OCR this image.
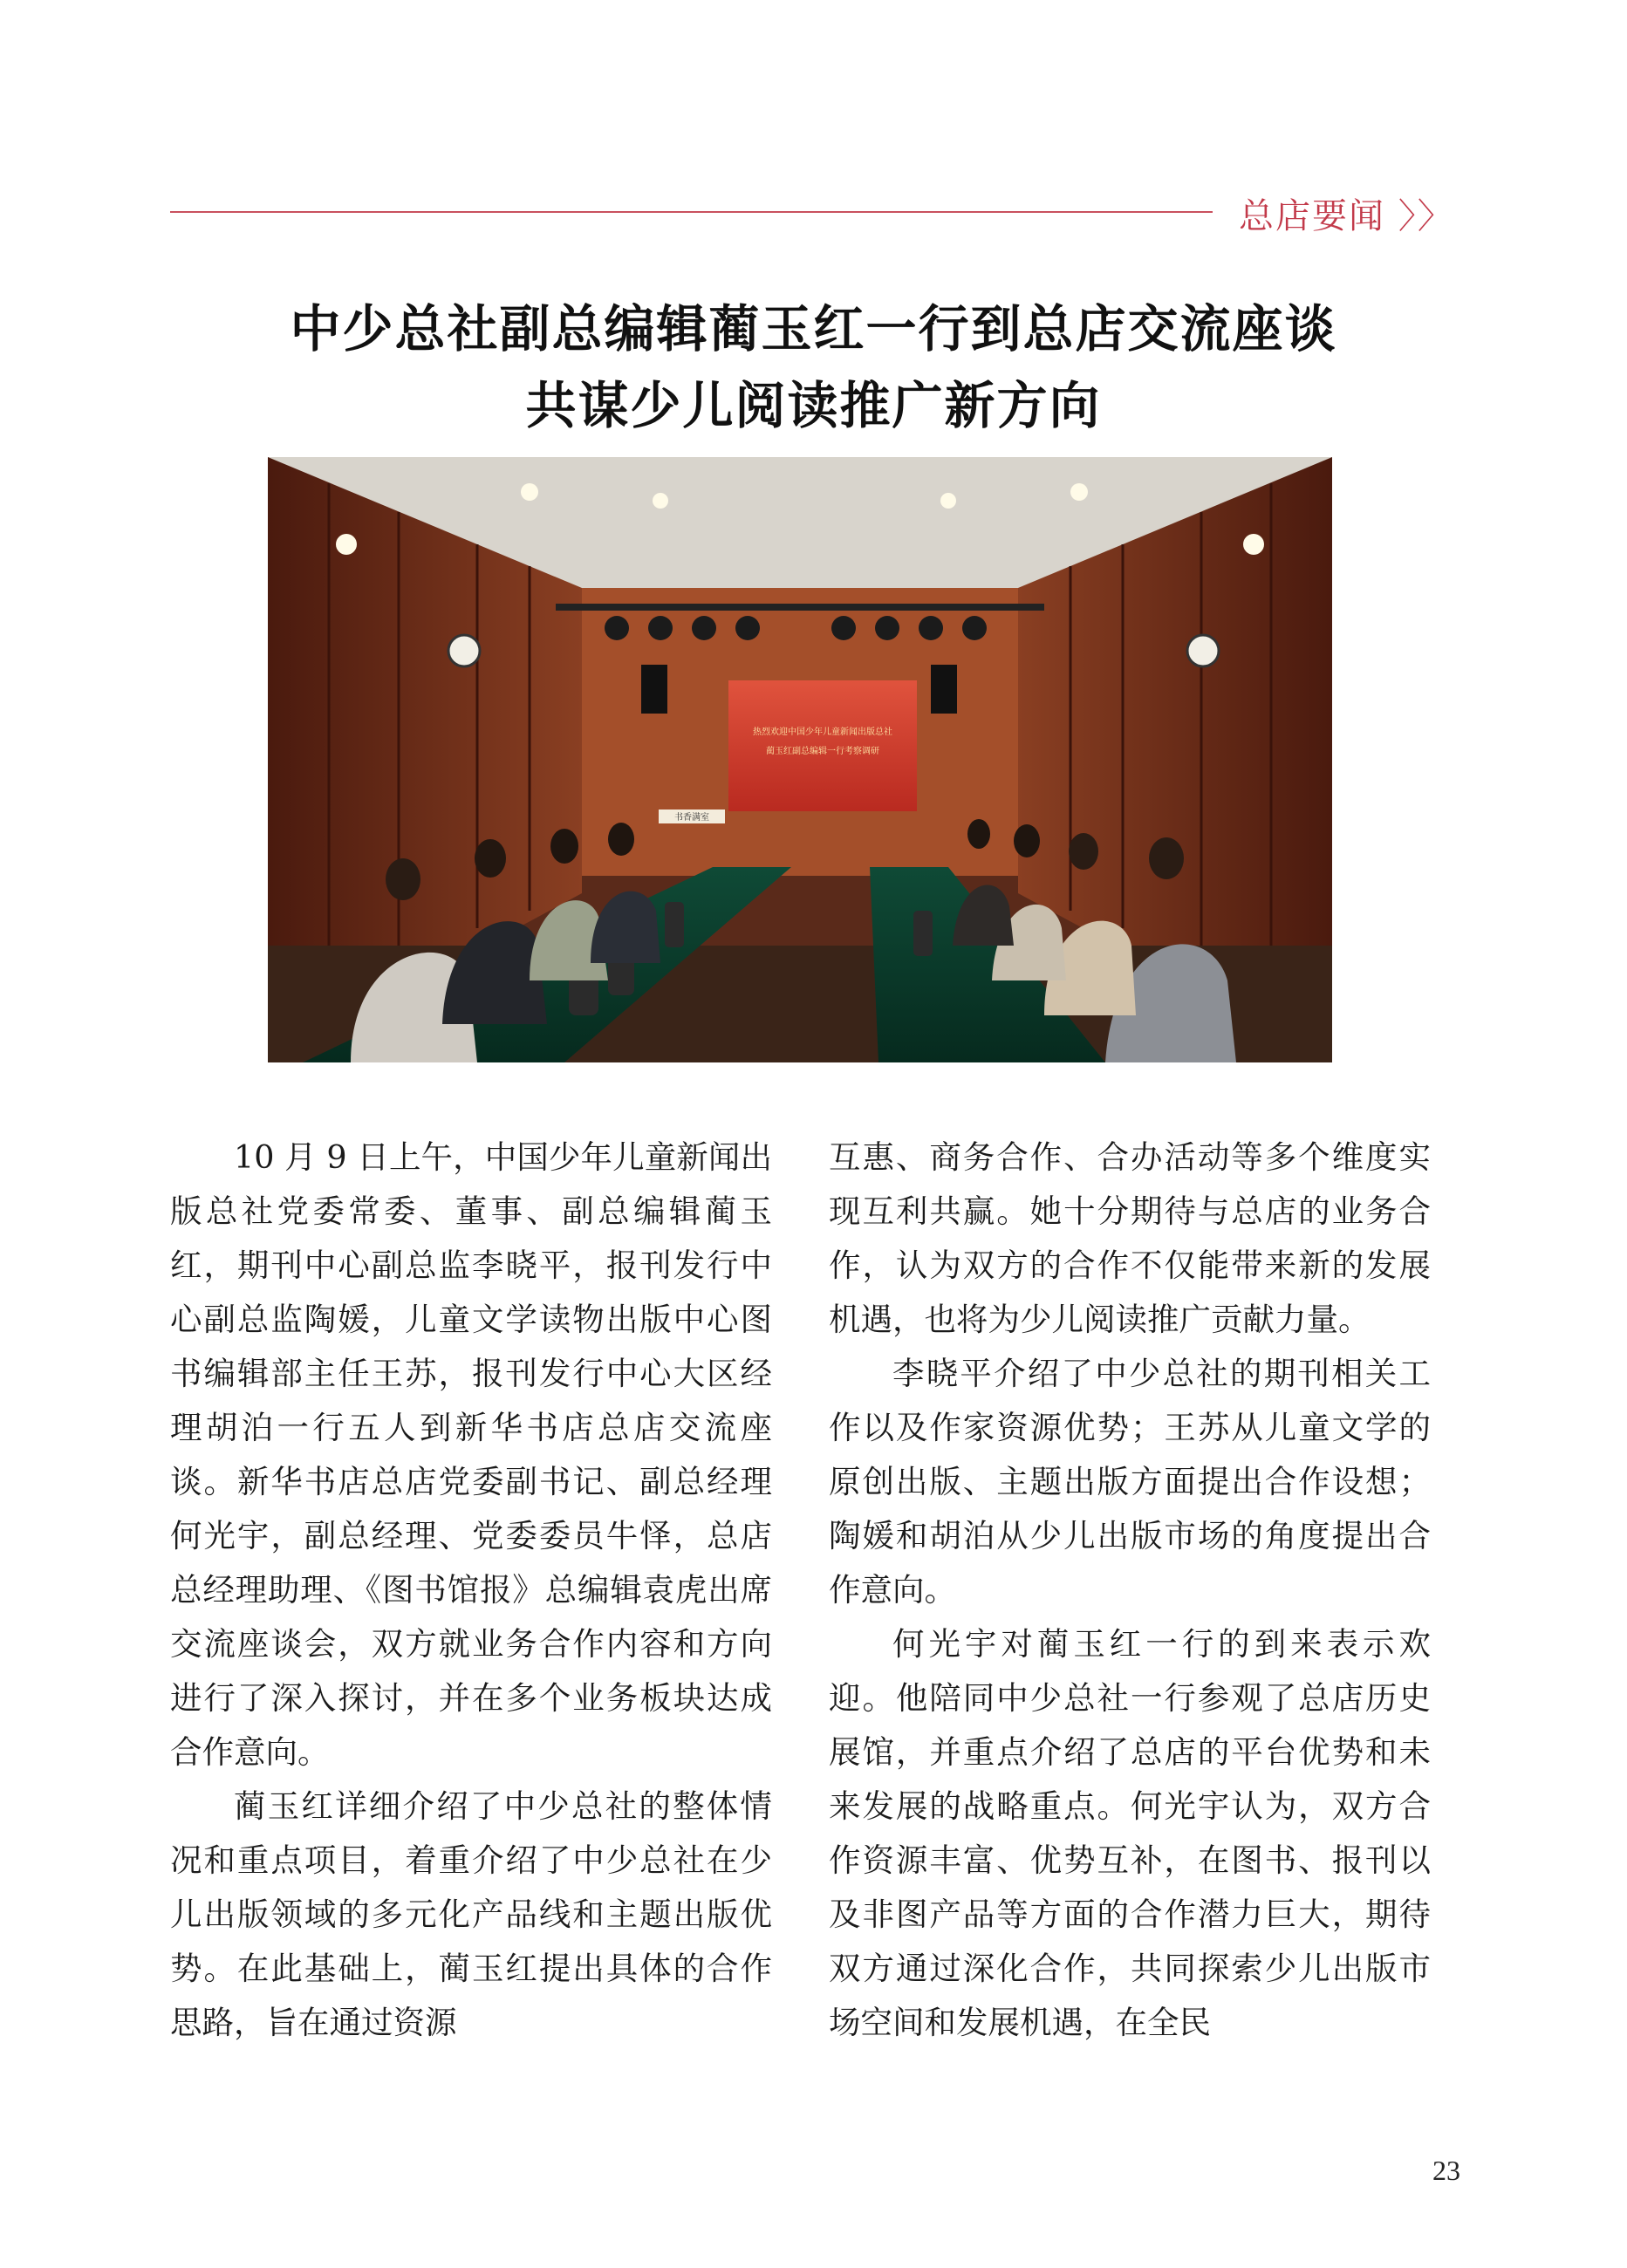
总店要闻 〉〉
中少总社副总编辑蔺玉红一行到总店交流座谈
共谋少儿阅读推广新方向
热烈欢迎中国少年儿童新闻出版总社
蔺玉红副总编辑一行考察调研
书香满室

10 月 9 日上午，中国少年儿童新闻出版总社党委常委、董事、副总编辑蔺玉红，期刊中心副总监李晓平，报刊发行中心副总监陶媛，儿童文学读物出版中心图书编辑部主任王苏，报刊发行中心大区经理胡泊一行五人到新华书店总店交流座谈。新华书店总店党委副书记、副总经理何光宇，副总经理、党委委员牛怿，总店总经理助理、《图书馆报》总编辑袁虎出席交流座谈会，双方就业务合作内容和方向进行了深入探讨，并在多个业务板块达成合作意向。

蔺玉红详细介绍了中少总社的整体情况和重点项目，着重介绍了中少总社在少儿出版领域的多元化产品线和主题出版优势。在此基础上，蔺玉红提出具体的合作思路，旨在通过资源

互惠、商务合作、合办活动等多个维度实现互利共赢。她十分期待与总店的业务合作，认为双方的合作不仅能带来新的发展机遇，也将为少儿阅读推广贡献力量。

李晓平介绍了中少总社的期刊相关工作以及作家资源优势；王苏从儿童文学的原创出版、主题出版方面提出合作设想；陶媛和胡泊从少儿出版市场的角度提出合作意向。

何光宇对蔺玉红一行的到来表示欢迎。他陪同中少总社一行参观了总店历史展馆，并重点介绍了总店的平台优势和未来发展的战略重点。何光宇认为，双方合作资源丰富、优势互补，在图书、报刊以及非图产品等方面的合作潜力巨大，期待双方通过深化合作，共同探索少儿出版市场空间和发展机遇，在全民

23
